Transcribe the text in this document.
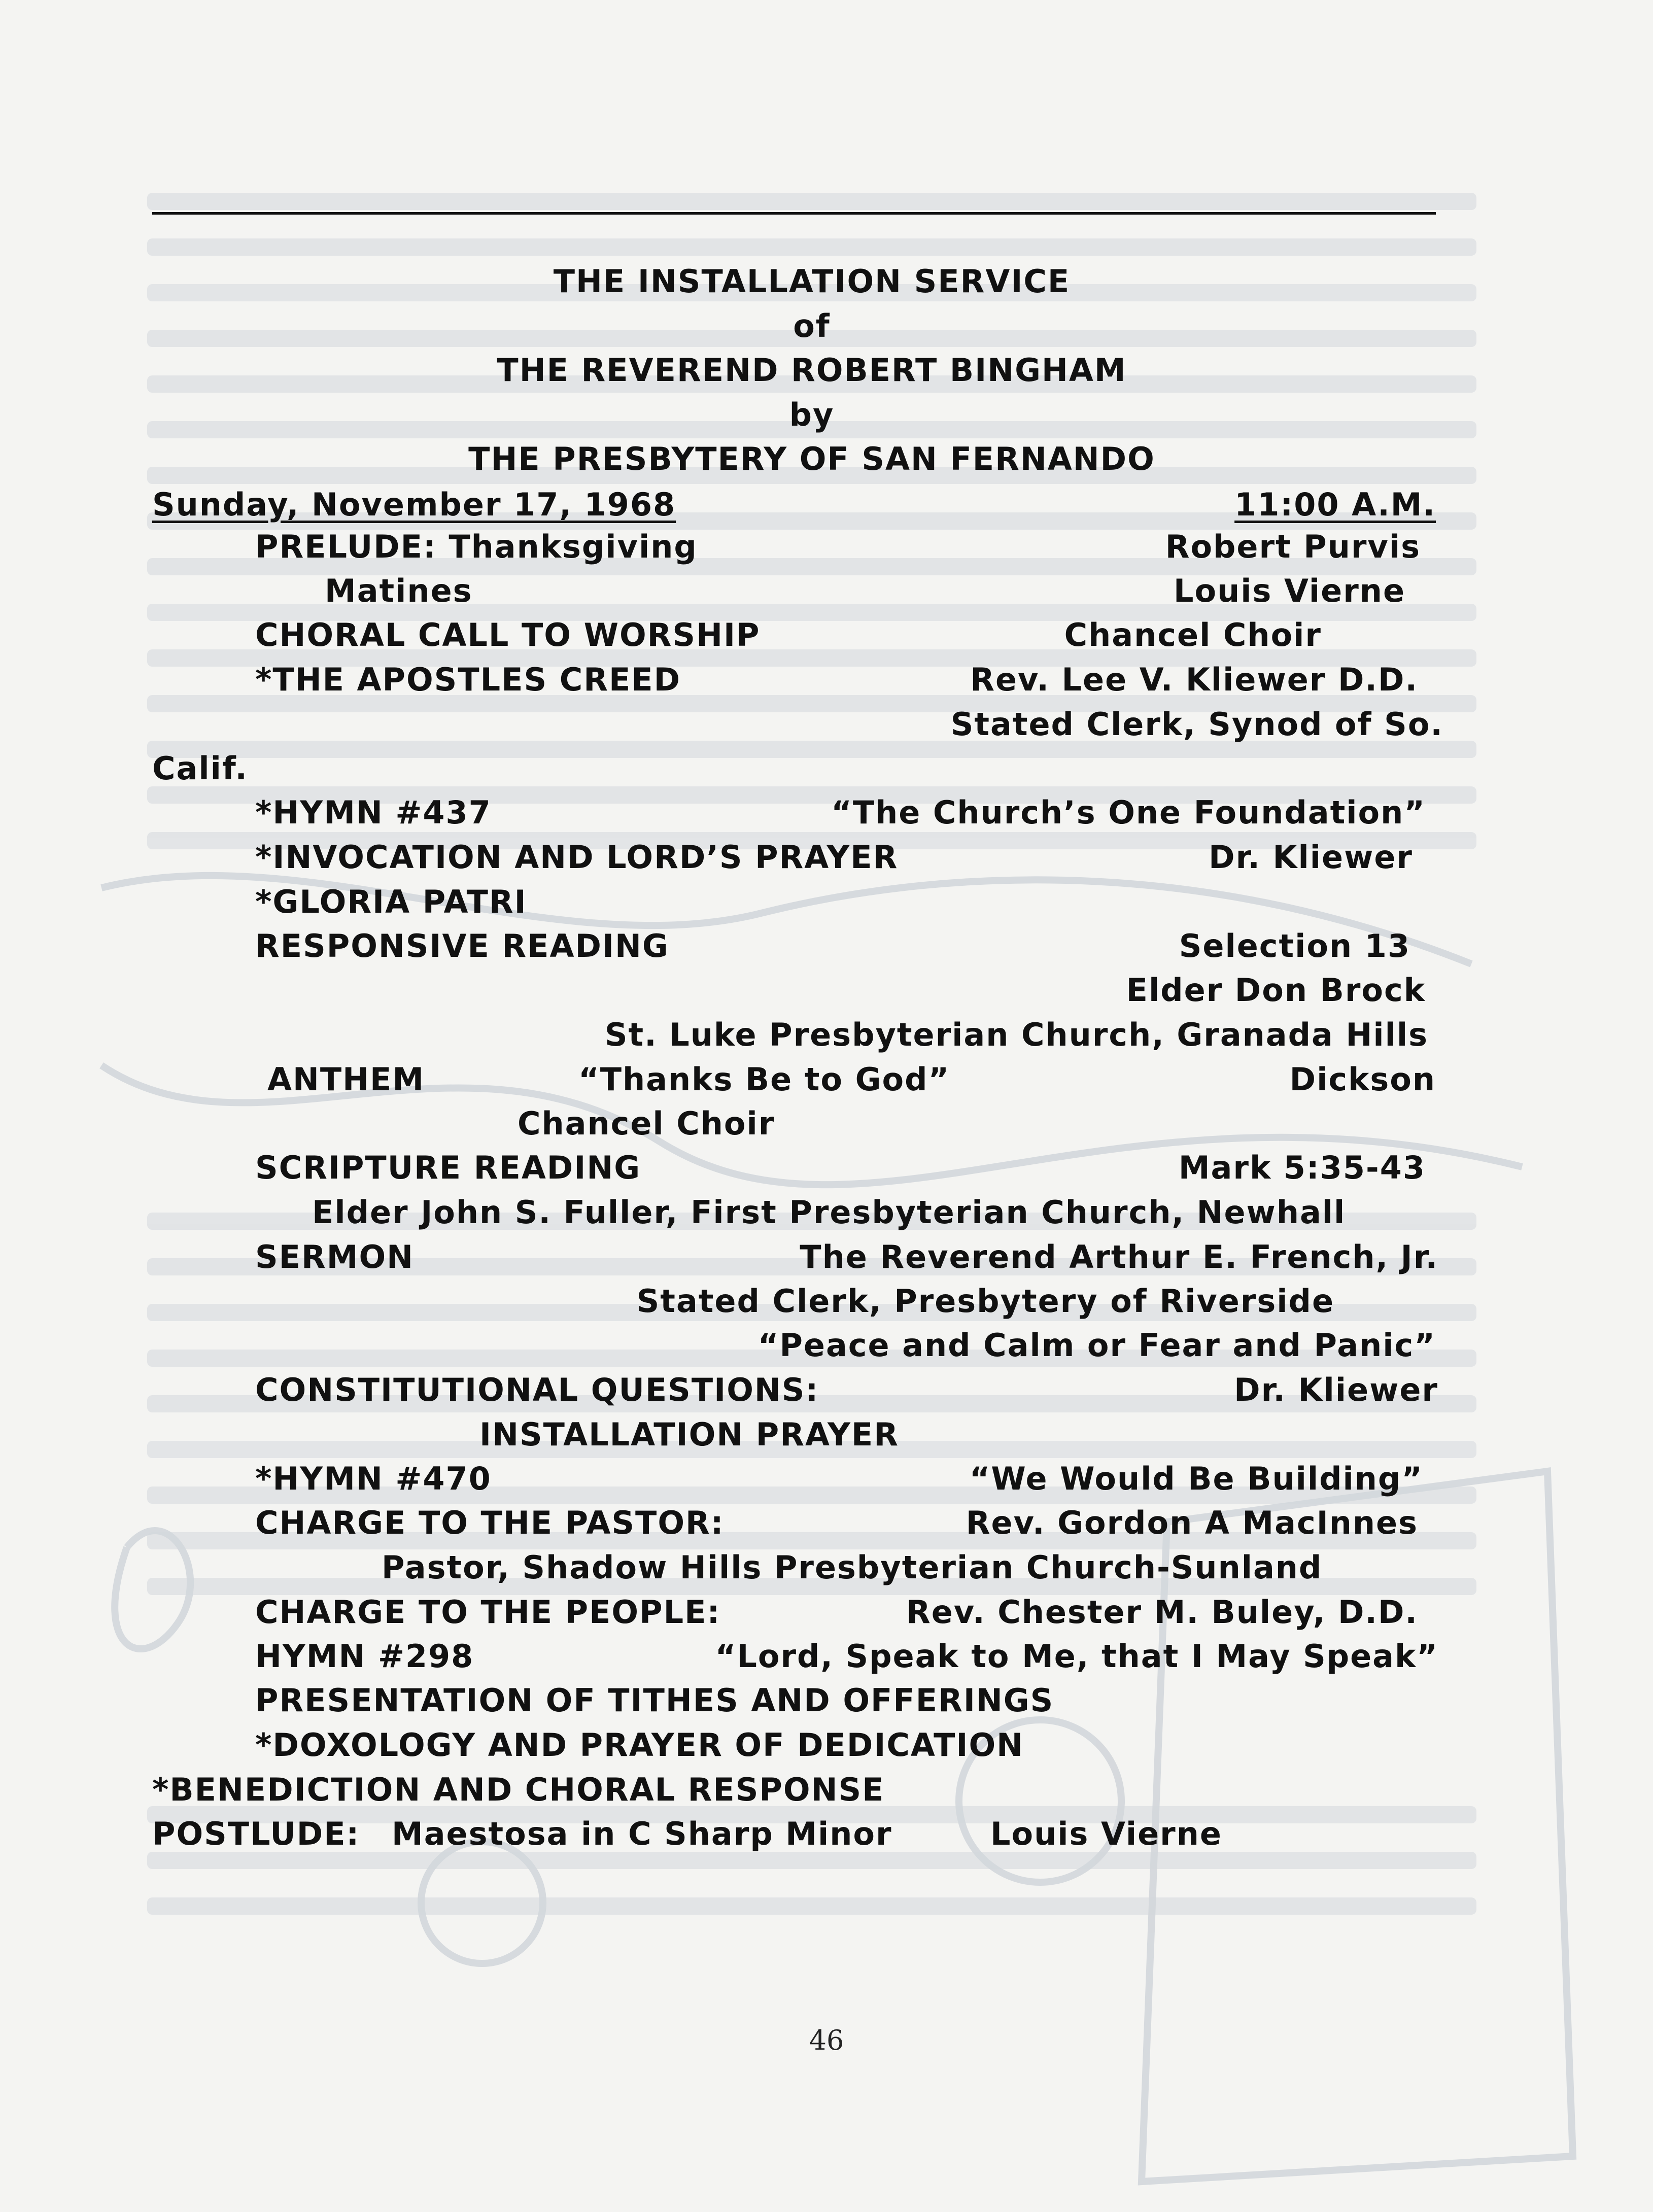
THE INSTALLATION SERVICE
of
THE REVEREND ROBERT BINGHAM
by
THE PRESBYTERY OF SAN FERNANDO
Sunday, November 17, 1968	11:00 A.M.
PRELUDE: Thanksgiving	Robert Purvis
Matines	Louis Vierne
CHORAL CALL TO WORSHIP	Chancel Choir
*THE APOSTLES CREED	Rev. Lee V. Kliewer D.D.
Stated Clerk, Synod of So.
Calif.
*HYMN #437	“The Church’s One Foundation”
*INVOCATION AND LORD’S PRAYER	Dr. Kliewer
*GLORIA PATRI
RESPONSIVE READING	Selection 13
Elder Don Brock
St. Luke Presbyterian Church, Granada Hills
ANTHEM	“Thanks Be to God”	Dickson
Chancel Choir
SCRIPTURE READING	Mark 5:35-43
Elder John S. Fuller, First Presbyterian Church, Newhall
SERMON	The Reverend Arthur E. French, Jr.
Stated Clerk, Presbytery of Riverside
“Peace and Calm or Fear and Panic”
CONSTITUTIONAL QUESTIONS:	Dr. Kliewer
INSTALLATION PRAYER
*HYMN #470	“We Would Be Building”
CHARGE TO THE PASTOR:	Rev. Gordon A MacInnes
Pastor, Shadow Hills Presbyterian Church-Sunland
CHARGE TO THE PEOPLE:	Rev. Chester M. Buley, D.D.
HYMN #298	“Lord, Speak to Me, that I May Speak”
PRESENTATION OF TITHES AND OFFERINGS
*DOXOLOGY AND PRAYER OF DEDICATION
*BENEDICTION AND CHORAL RESPONSE
POSTLUDE: Maestosa in C Sharp Minor	Louis Vierne
46
